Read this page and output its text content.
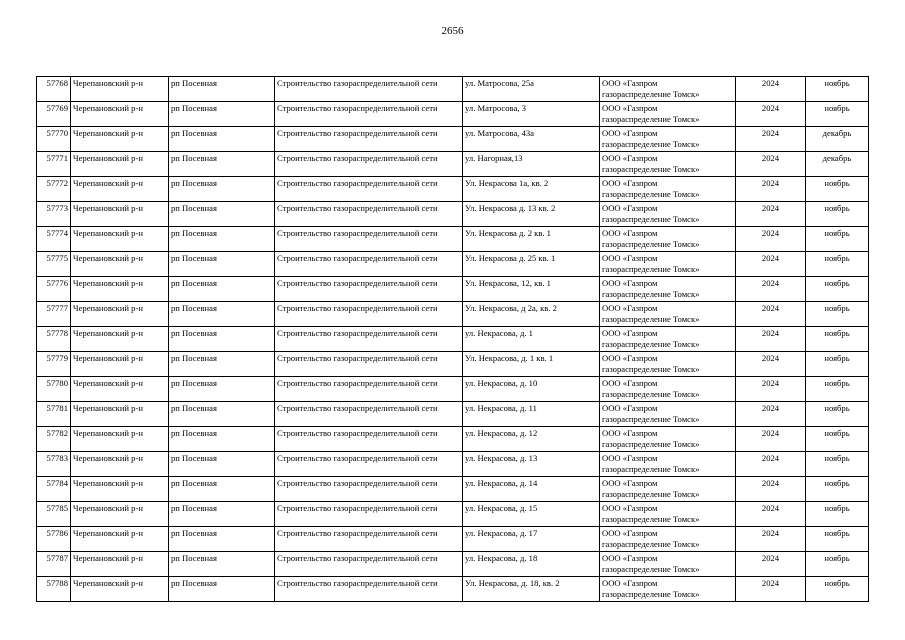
2656
57768	Черепановский р-н	рп Посевная	Строительство газораспределительной сети	ул. Матросова, 25а	ООО «Газпром
газораспределение Томск»	2024	ноябрь
57769	Черепановский р-н	рп Посевная	Строительство газораспределительной сети	ул. Матросова, 3	ООО «Газпром
газораспределение Томск»	2024	ноябрь
57770	Черепановский р-н	рп Посевная	Строительство газораспределительной сети	ул. Матросова, 43а	ООО «Газпром
газораспределение Томск»	2024	декабрь
57771	Черепановский р-н	рп Посевная	Строительство газораспределительной сети	ул. Нагорная,13	ООО «Газпром
газораспределение Томск»	2024	декабрь
57772	Черепановский р-н	рп Посевная	Строительство газораспределительной сети	Ул. Некрасова 1а, кв. 2	ООО «Газпром
газораспределение Томск»	2024	ноябрь
57773	Черепановский р-н	рп Посевная	Строительство газораспределительной сети	Ул. Некрасова д. 13 кв. 2	ООО «Газпром
газораспределение Томск»	2024	ноябрь
57774	Черепановский р-н	рп Посевная	Строительство газораспределительной сети	Ул. Некрасова д. 2 кв. 1	ООО «Газпром
газораспределение Томск»	2024	ноябрь
57775	Черепановский р-н	рп Посевная	Строительство газораспределительной сети	Ул. Некрасова д. 25 кв. 1	ООО «Газпром
газораспределение Томск»	2024	ноябрь
57776	Черепановский р-н	рп Посевная	Строительство газораспределительной сети	Ул. Некрасова, 12, кв. 1	ООО «Газпром
газораспределение Томск»	2024	ноябрь
57777	Черепановский р-н	рп Посевная	Строительство газораспределительной сети	Ул. Некрасова, д 2а, кв. 2	ООО «Газпром
газораспределение Томск»	2024	ноябрь
57778	Черепановский р-н	рп Посевная	Строительство газораспределительной сети	ул. Некрасова, д. 1	ООО «Газпром
газораспределение Томск»	2024	ноябрь
57779	Черепановский р-н	рп Посевная	Строительство газораспределительной сети	Ул. Некрасова, д. 1 кв. 1	ООО «Газпром
газораспределение Томск»	2024	ноябрь
57780	Черепановский р-н	рп Посевная	Строительство газораспределительной сети	ул. Некрасова, д. 10	ООО «Газпром
газораспределение Томск»	2024	ноябрь
57781	Черепановский р-н	рп Посевная	Строительство газораспределительной сети	ул. Некрасова, д. 11	ООО «Газпром
газораспределение Томск»	2024	ноябрь
57782	Черепановский р-н	рп Посевная	Строительство газораспределительной сети	ул. Некрасова, д. 12	ООО «Газпром
газораспределение Томск»	2024	ноябрь
57783	Черепановский р-н	рп Посевная	Строительство газораспределительной сети	ул. Некрасова, д. 13	ООО «Газпром
газораспределение Томск»	2024	ноябрь
57784	Черепановский р-н	рп Посевная	Строительство газораспределительной сети	ул. Некрасова, д. 14	ООО «Газпром
газораспределение Томск»	2024	ноябрь
57785	Черепановский р-н	рп Посевная	Строительство газораспределительной сети	ул. Некрасова, д. 15	ООО «Газпром
газораспределение Томск»	2024	ноябрь
57786	Черепановский р-н	рп Посевная	Строительство газораспределительной сети	ул. Некрасова, д. 17	ООО «Газпром
газораспределение Томск»	2024	ноябрь
57787	Черепановский р-н	рп Посевная	Строительство газораспределительной сети	ул. Некрасова, д. 18	ООО «Газпром
газораспределение Томск»	2024	ноябрь
57788	Черепановский р-н	рп Посевная	Строительство газораспределительной сети	Ул. Некрасова, д. 18, кв. 2	ООО «Газпром
газораспределение Томск»	2024	ноябрь
